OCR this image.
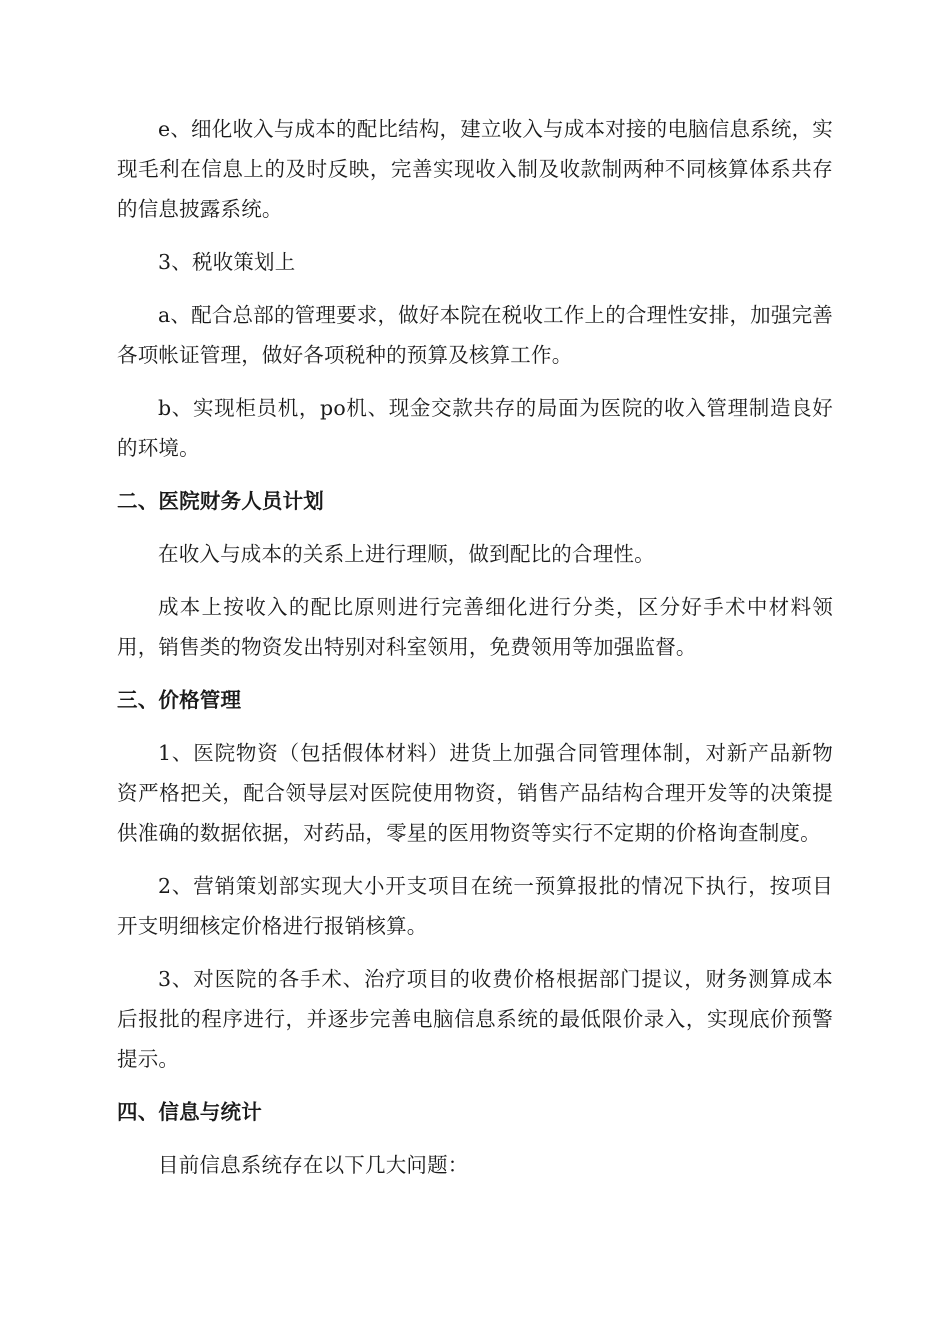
e、细化收入与成本的配比结构，建立收入与成本对接的电脑信息系统，实现毛利在信息上的及时反映，完善实现收入制及收款制两种不同核算体系共存的信息披露系统。

3、税收策划上

a、配合总部的管理要求，做好本院在税收工作上的合理性安排，加强完善各项帐证管理，做好各项税种的预算及核算工作。

b、实现柜员机，po机、现金交款共存的局面为医院的收入管理制造良好的环境。

二、医院财务人员计划

在收入与成本的关系上进行理顺，做到配比的合理性。

成本上按收入的配比原则进行完善细化进行分类，区分好手术中材料领用，销售类的物资发出特别对科室领用，免费领用等加强监督。

三、价格管理

1、医院物资（包括假体材料）进货上加强合同管理体制，对新产品新物资严格把关，配合领导层对医院使用物资，销售产品结构合理开发等的决策提供准确的数据依据，对药品，零星的医用物资等实行不定期的价格询查制度。

2、营销策划部实现大小开支项目在统一预算报批的情况下执行，按项目开支明细核定价格进行报销核算。

3、对医院的各手术、治疗项目的收费价格根据部门提议，财务测算成本后报批的程序进行，并逐步完善电脑信息系统的最低限价录入，实现底价预警提示。

四、信息与统计

目前信息系统存在以下几大问题：
